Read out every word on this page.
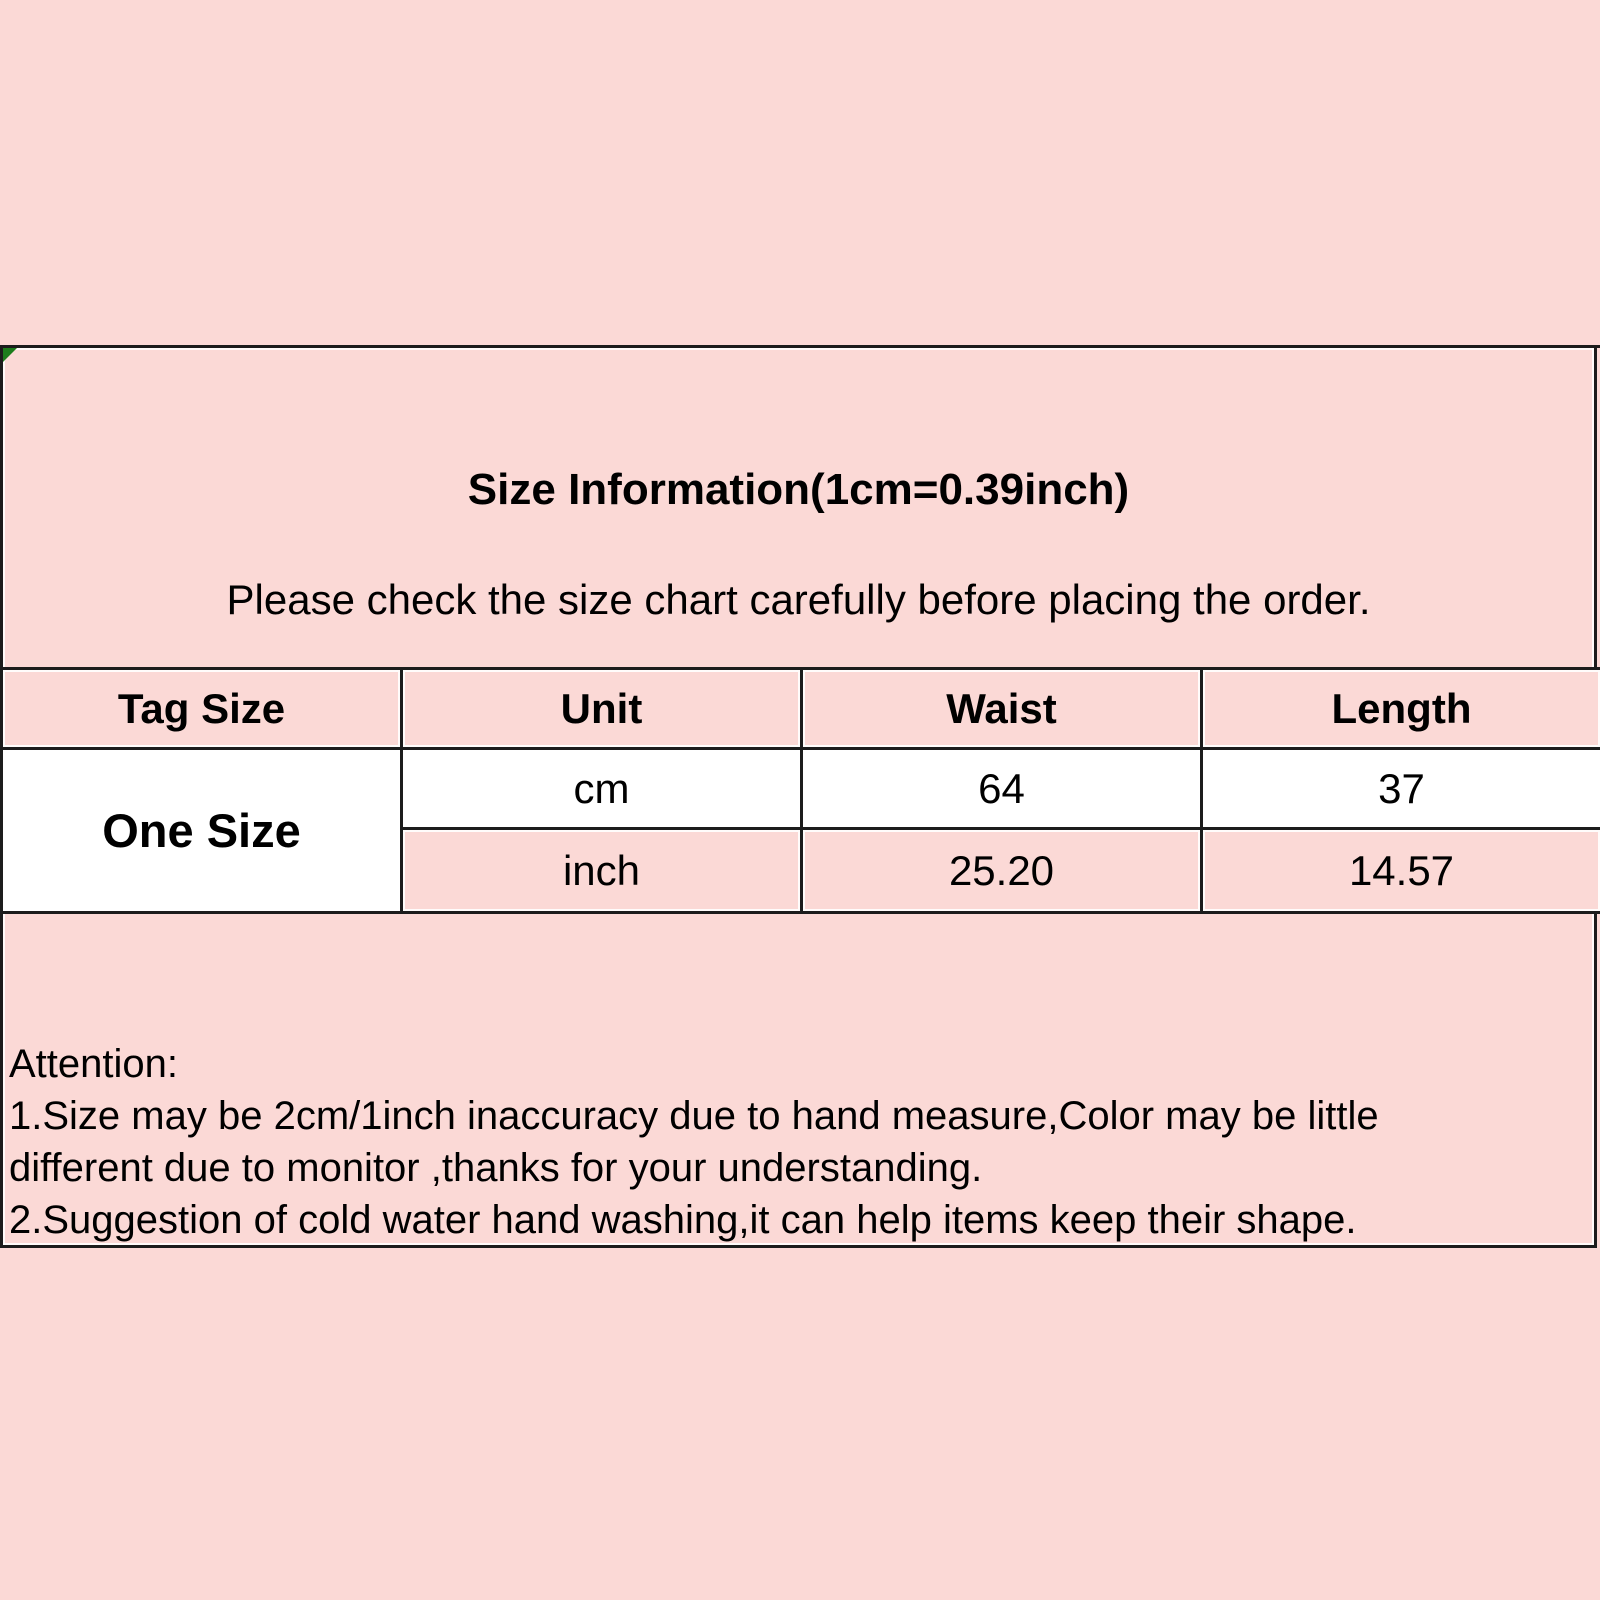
Size Information(1cm=0.39inch)
Please check the size chart carefully before placing the order.
Tag Size	Unit	Waist	Length
One Size	cm	64	37
	inch	25.20	14.57
Attention:
1.Size may be 2cm/1inch inaccuracy due to hand measure,Color may be little
different due to monitor ,thanks for your understanding.
2.Suggestion of cold water hand washing,it can help items keep their shape.
